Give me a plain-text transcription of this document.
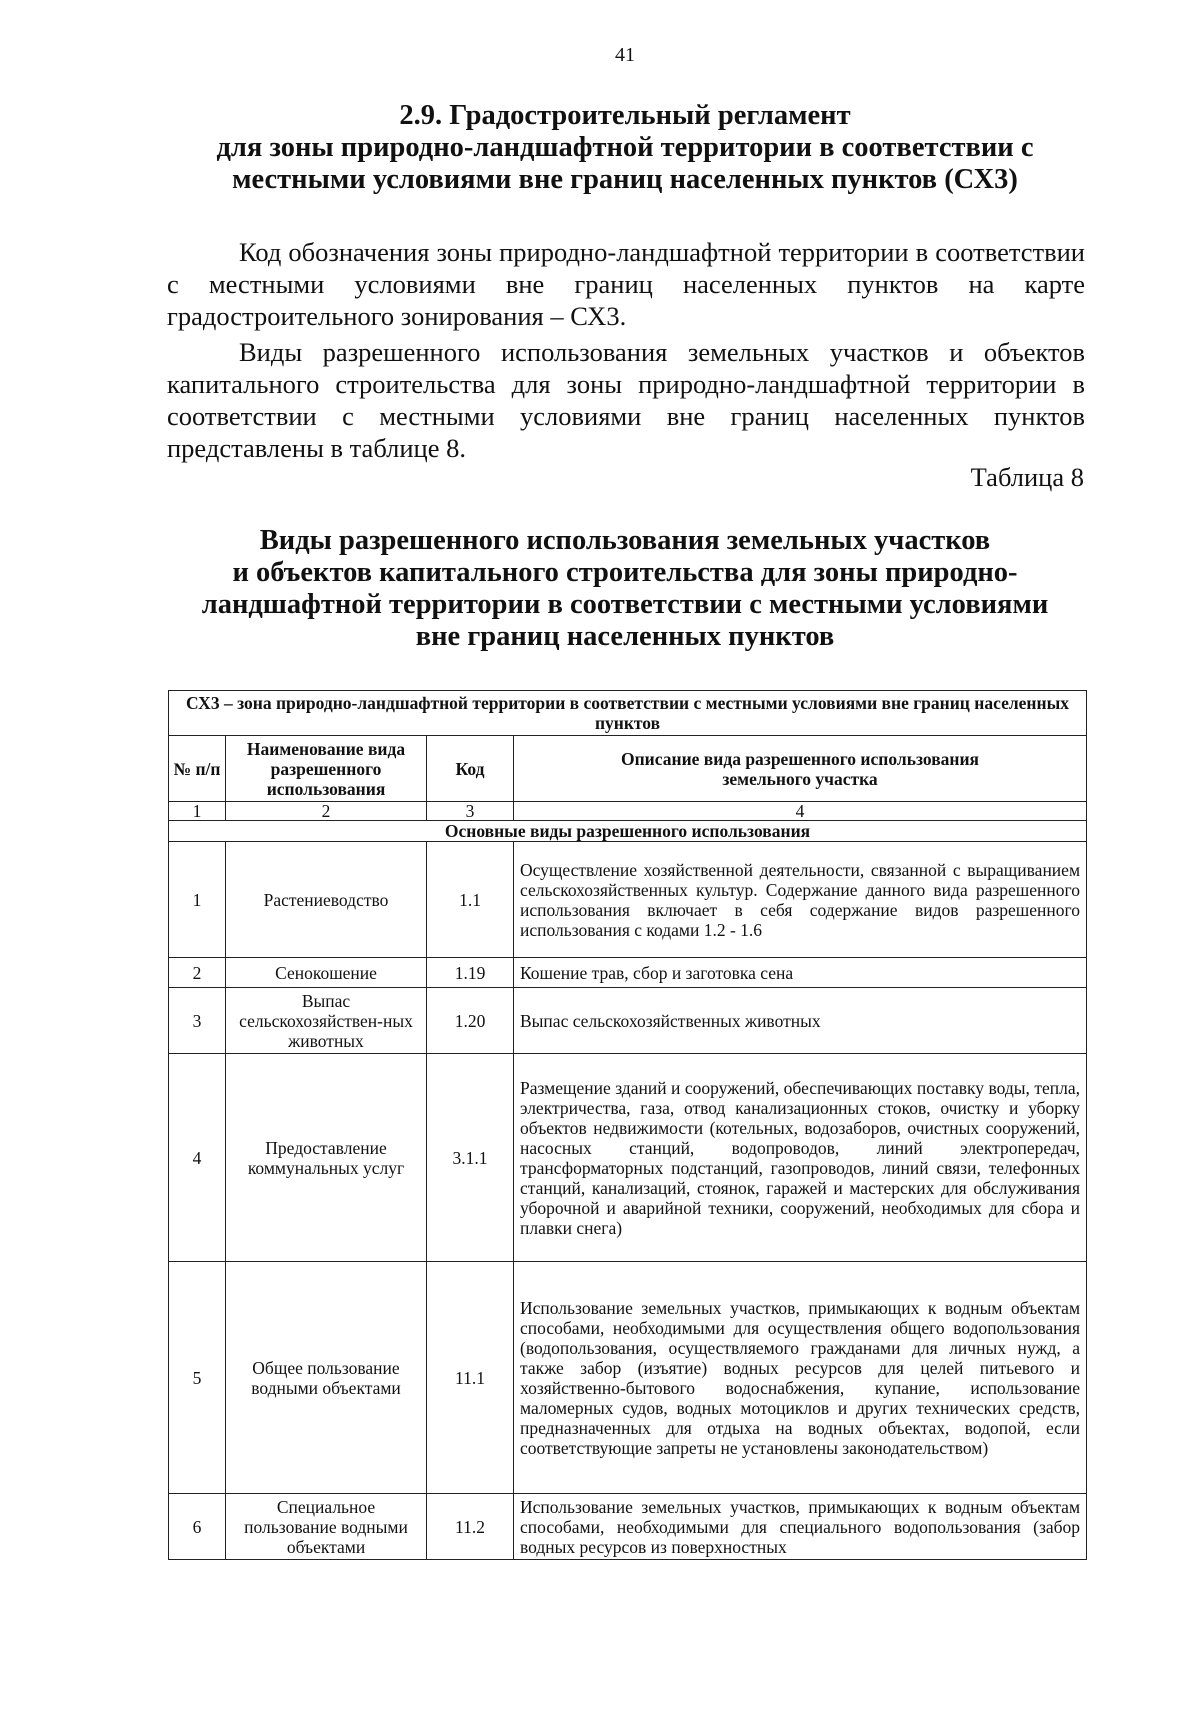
41
2.9. Градостроительный регламент
для зоны природно-ландшафтной территории в соответствии с
местными условиями вне границ населенных пунктов (СХ3)
Код обозначения зоны природно-ландшафтной территории в соответствии с местными условиями вне границ населенных пунктов на карте градостроительного зонирования – СХ3.
Виды разрешенного использования земельных участков и объектов капитального строительства для зоны природно-ландшафтной территории в соответствии с местными условиями вне границ населенных пунктов представлены в таблице 8.
Таблица 8
Виды разрешенного использования земельных участков
и объектов капитального строительства для зоны природно-
ландшафтной территории в соответствии с местными условиями
вне границ населенных пунктов
СХ3 – зона природно-ландшафтной территории в соответствии с местными условиями вне границ населенных пунктов			
№ п/п	Наименование вида разрешенного использования	Код	Описание вида разрешенного использования земельного участка
1	2	3	4
Основные виды разрешенного использования			
1	Растениеводство	1.1	Осуществление хозяйственной деятельности, связанной с выращиванием сельскохозяйственных культур. Содержание данного вида разрешенного использования включает в себя содержание видов разрешенного использования с кодами 1.2 - 1.6
2	Сенокошение	1.19	Кошение трав, сбор и заготовка сена
3	Выпас сельскохозяйствен-ных животных	1.20	Выпас сельскохозяйственных животных
4	Предоставление коммунальных услуг	3.1.1	Размещение зданий и сооружений, обеспечивающих поставку воды, тепла, электричества, газа, отвод канализационных стоков, очистку и уборку объектов недвижимости (котельных, водозаборов, очистных сооружений, насосных станций, водопроводов, линий электропередач, трансформаторных подстанций, газопроводов, линий связи, телефонных станций, канализаций, стоянок, гаражей и мастерских для обслуживания уборочной и аварийной техники, сооружений, необходимых для сбора и плавки снега)
5	Общее пользование водными объектами	11.1	Использование земельных участков, примыкающих к водным объектам способами, необходимыми для осуществления общего водопользования (водопользования, осуществляемого гражданами для личных нужд, а также забор (изъятие) водных ресурсов для целей питьевого и хозяйственно-бытового водоснабжения, купание, использование маломерных судов, водных мотоциклов и других технических средств, предназначенных для отдыха на водных объектах, водопой, если соответствующие запреты не установлены законодательством)
6	Специальное пользование водными объектами	11.2	Использование земельных участков, примыкающих к водным объектам способами, необходимыми для специального водопользования (забор водных ресурсов из поверхностных
